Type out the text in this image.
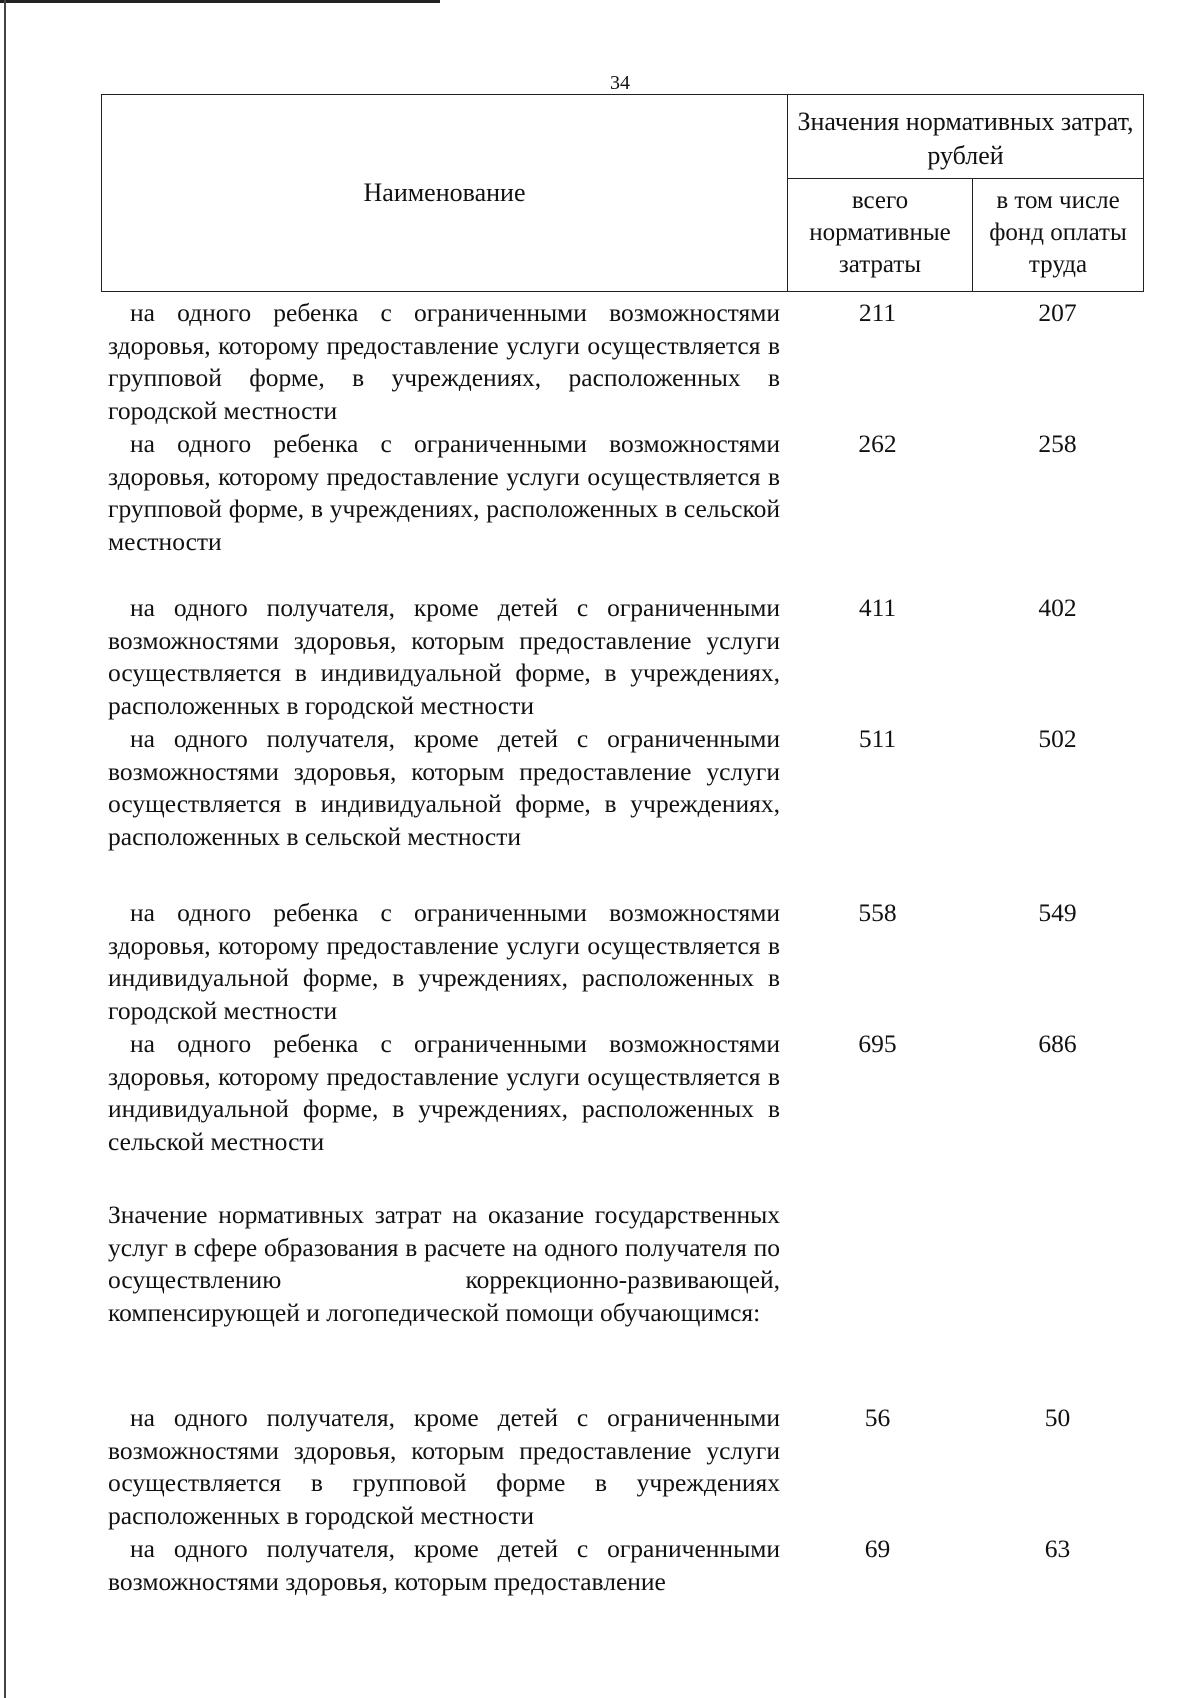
34
Наименование
Значения нормативных затрат, рублей
всего нормативные затраты
в том числе фонд оплаты труда
на одного ребенка с ограниченными возможностями здоровья, которому предоставление услуги осуществляется в групповой форме, в учреждениях, расположенных в городской местности
211	207
на одного ребенка с ограниченными возможностями здоровья, которому предоставление услуги осуществляется в групповой форме, в учреждениях, расположенных в сельской местности
262	258
на одного получателя, кроме детей с ограниченными возможностями здоровья, которым предоставление услуги осуществляется в индивидуальной форме, в учреждениях, расположенных в городской местности
411	402
на одного получателя, кроме детей с ограниченными возможностями здоровья, которым предоставление услуги осуществляется в индивидуальной форме, в учреждениях, расположенных в сельской местности
511	502
на одного ребенка с ограниченными возможностями здоровья, которому предоставление услуги осуществляется в индивидуальной форме, в учреждениях, расположенных в городской местности
558	549
на одного ребенка с ограниченными возможностями здоровья, которому предоставление услуги осуществляется в индивидуальной форме, в учреждениях, расположенных в сельской местности
695	686
Значение нормативных затрат на оказание государственных услуг в сфере образования в расчете на одного получателя по осуществлению коррекционно-развивающей, компенсирующей и логопедической помощи обучающимся:
на одного получателя, кроме детей с ограниченными возможностями здоровья, которым предоставление услуги осуществляется в групповой форме в учреждениях расположенных в городской местности
56	50
на одного получателя, кроме детей с ограниченными возможностями здоровья, которым предоставление
69	63
